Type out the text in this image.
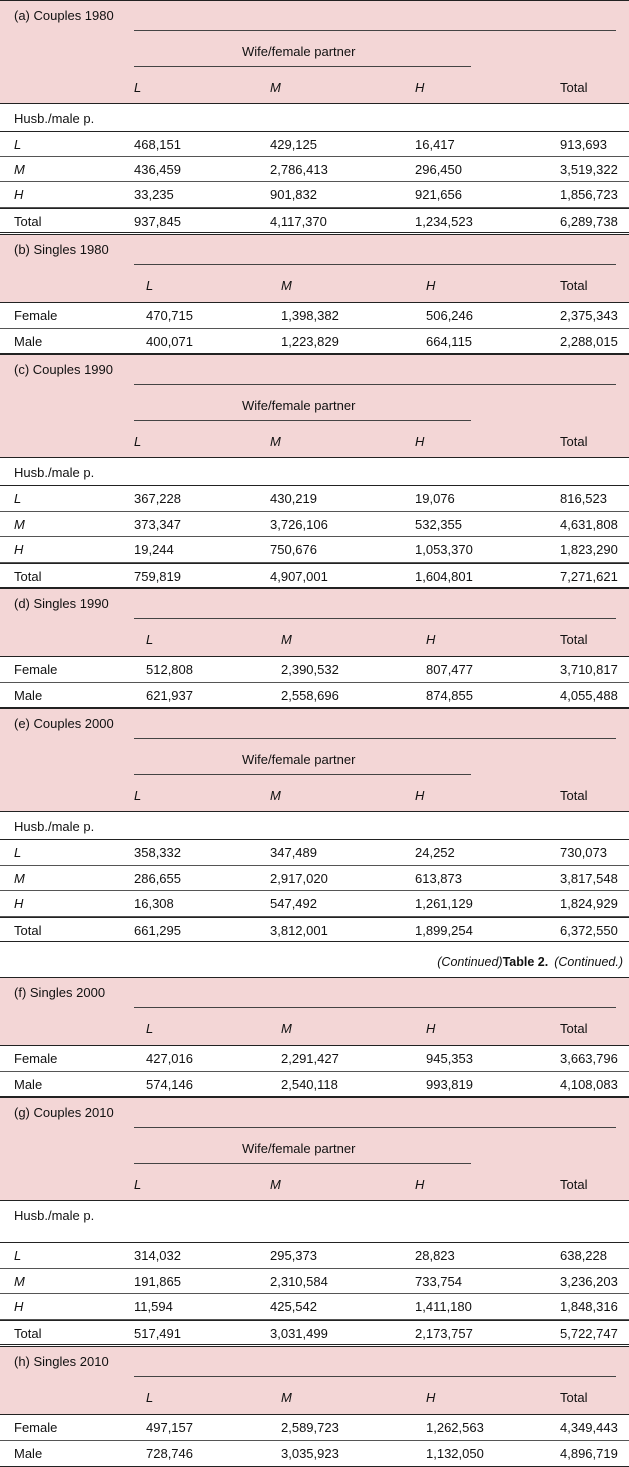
(a) Couples 1980
Wife/female partner
L	M	H	Total
Husb./male p.
L	468,151	429,125	16,417	913,693
M	436,459	2,786,413	296,450	3,519,322
H	33,235	901,832	921,656	1,856,723
Total	937,845	4,117,370	1,234,523	6,289,738
(b) Singles 1980
L	M	H	Total
Female	470,715	1,398,382	506,246	2,375,343
Male	400,071	1,223,829	664,115	2,288,015
(c) Couples 1990
Wife/female partner
L	M	H	Total
Husb./male p.
L	367,228	430,219	19,076	816,523
M	373,347	3,726,106	532,355	4,631,808
H	19,244	750,676	1,053,370	1,823,290
Total	759,819	4,907,001	1,604,801	7,271,621
(d) Singles 1990
L	M	H	Total
Female	512,808	2,390,532	807,477	3,710,817
Male	621,937	2,558,696	874,855	4,055,488
(e) Couples 2000
Wife/female partner
L	M	H	Total
Husb./male p.
L	358,332	347,489	24,252	730,073
M	286,655	2,917,020	613,873	3,817,548
H	16,308	547,492	1,261,129	1,824,929
Total	661,295	3,812,001	1,899,254	6,372,550
(f) Singles 2000
L	M	H	Total
Female	427,016	2,291,427	945,353	3,663,796
Male	574,146	2,540,118	993,819	4,108,083
(g) Couples 2010
Wife/female partner
L	M	H	Total
Husb./male p.
L	314,032	295,373	28,823	638,228
M	191,865	2,310,584	733,754	3,236,203
H	11,594	425,542	1,411,180	1,848,316
Total	517,491	3,031,499	2,173,757	5,722,747
(h) Singles 2010
L	M	H	Total
Female	497,157	2,589,723	1,262,563	4,349,443
Male	728,746	3,035,923	1,132,050	4,896,719
(Continued)Table 2. (Continued.)
